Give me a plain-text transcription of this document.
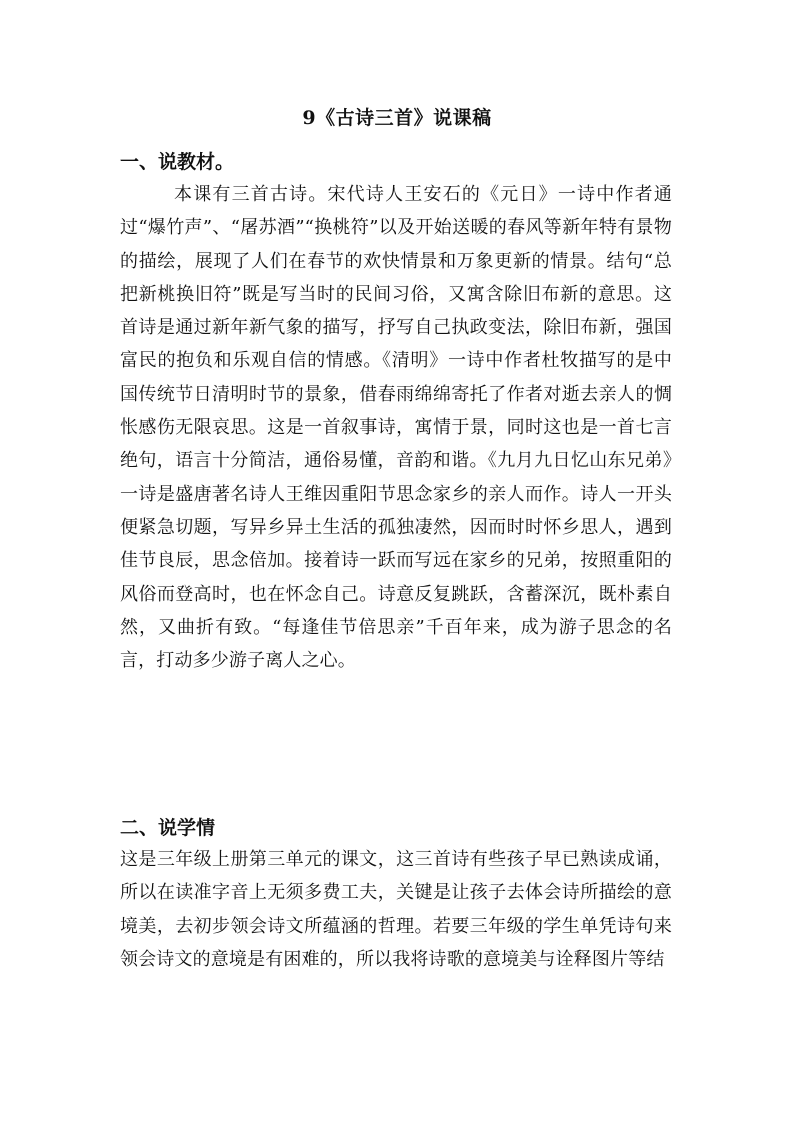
9《古诗三首》说课稿
一、说教材。

本课有三首古诗。宋代诗人王安石的《元日》一诗中作者通过“爆竹声”、“屠苏酒”“换桃符”以及开始送暖的春风等新年特有景物的描绘，展现了人们在春节的欢快情景和万象更新的情景。结句“总把新桃换旧符”既是写当时的民间习俗，又寓含除旧布新的意思。这首诗是通过新年新气象的描写，抒写自己执政变法，除旧布新，强国富民的抱负和乐观自信的情感。《清明》一诗中作者杜牧描写的是中国传统节日清明时节的景象，借春雨绵绵寄托了作者对逝去亲人的惆怅感伤无限哀思。这是一首叙事诗，寓情于景，同时这也是一首七言绝句，语言十分简洁，通俗易懂，音韵和谐。《九月九日忆山东兄弟》一诗是盛唐著名诗人王维因重阳节思念家乡的亲人而作。诗人一开头便紧急切题，写异乡异土生活的孤独凄然，因而时时怀乡思人，遇到佳节良辰，思念倍加。接着诗一跃而写远在家乡的兄弟，按照重阳的风俗而登高时，也在怀念自己。诗意反复跳跃，含蓄深沉，既朴素自然，又曲折有致。“每逢佳节倍思亲”千百年来，成为游子思念的名言，打动多少游子离人之心。

二、说学情

这是三年级上册第三单元的课文，这三首诗有些孩子早已熟读成诵，所以在读准字音上无须多费工夫，关键是让孩子去体会诗所描绘的意境美，去初步领会诗文所蕴涵的哲理。若要三年级的学生单凭诗句来领会诗文的意境是有困难的，所以我将诗歌的意境美与诠释图片等结
